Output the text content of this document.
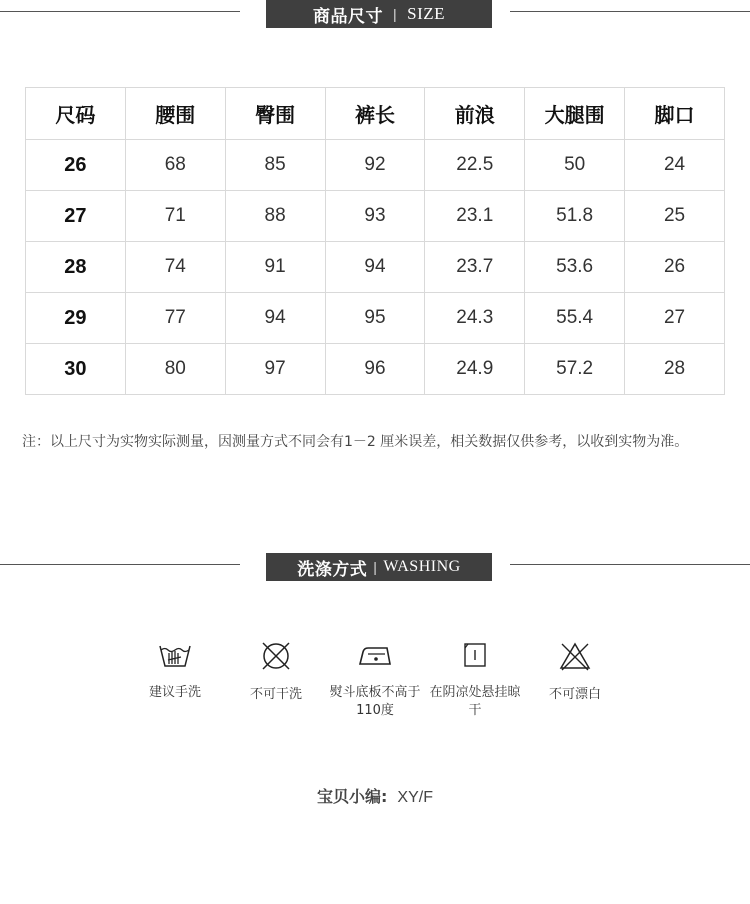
商品尺寸 | SIZE
尺码	腰围	臀围	裤长	前浪	大腿围	脚口
26	68	85	92	22.5	50	24
27	71	88	93	23.1	51.8	25
28	74	91	94	23.7	53.6	26
29	77	94	95	24.3	55.4	27
30	80	97	96	24.9	57.2	28
注：以上尺寸为实物实际测量，因测量方式不同会有1－2 厘米误差，相关数据仅供参考，以收到实物为准。
洗涤方式 | WASHING
建议手洗	不可干洗	熨斗底板不高于
110度
在阴凉处悬挂晾
干
不可漂白
宝贝小编: XY/F
